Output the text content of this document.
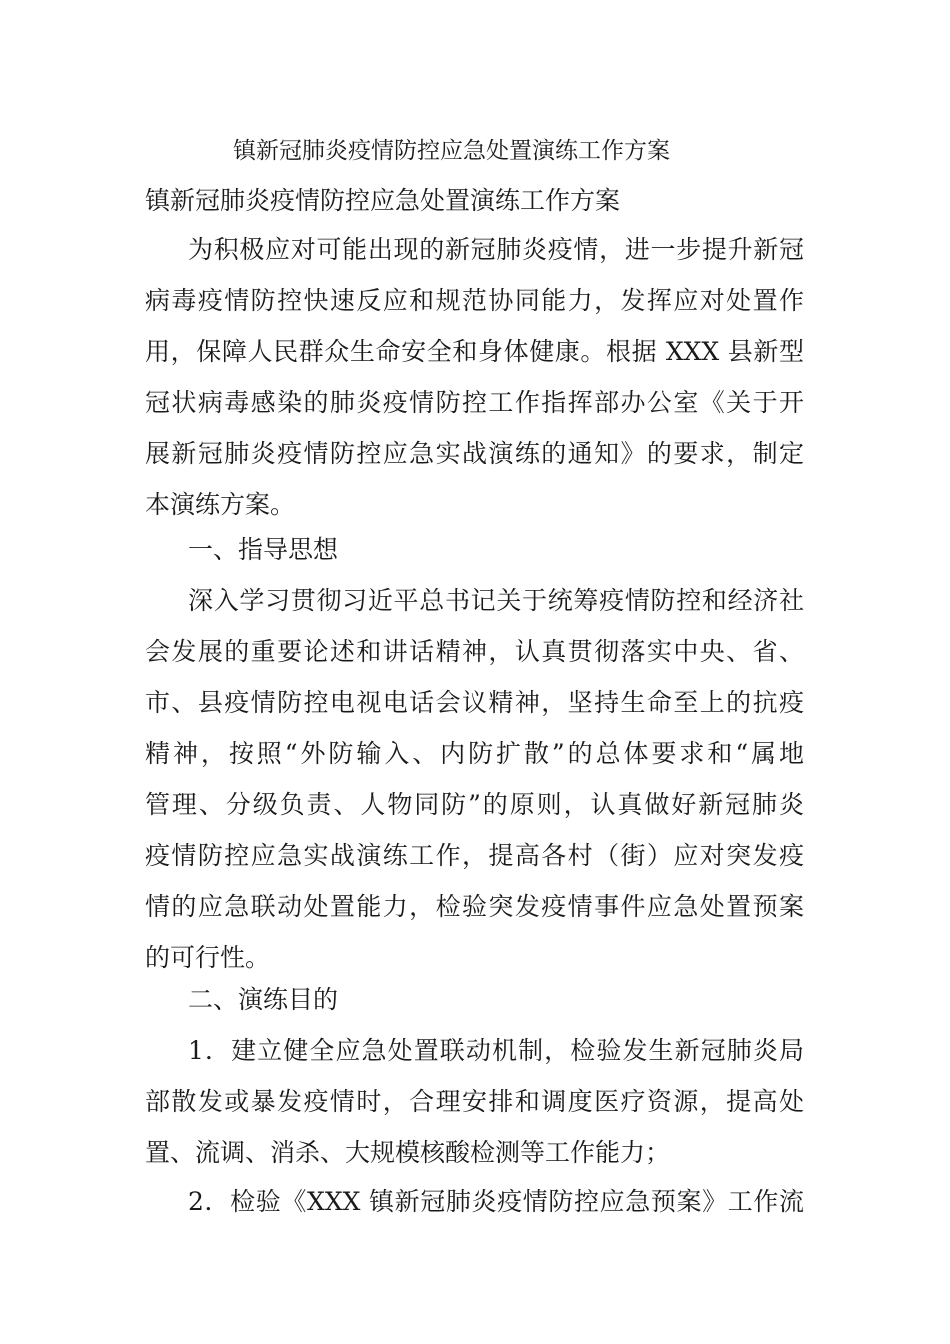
镇新冠肺炎疫情防控应急处置演练工作方案

镇新冠肺炎疫情防控应急处置演练工作方案

为积极应对可能出现的新冠肺炎疫情，进一步提升新冠

病毒疫情防控快速反应和规范协同能力，发挥应对处置作

用，保障人民群众生命安全和身体健康。根据 XXX 县新型

冠状病毒感染的肺炎疫情防控工作指挥部办公室《关于开

展新冠肺炎疫情防控应急实战演练的通知》的要求，制定

本演练方案。

一、指导思想

深入学习贯彻习近平总书记关于统筹疫情防控和经济社

会发展的重要论述和讲话精神，认真贯彻落实中央、省、

市、县疫情防控电视电话会议精神，坚持生命至上的抗疫

精神，按照“外防输入、内防扩散”的总体要求和“属地

管理、分级负责、人物同防”的原则，认真做好新冠肺炎

疫情防控应急实战演练工作，提高各村（街）应对突发疫

情的应急联动处置能力，检验突发疫情事件应急处置预案

的可行性。

二、演练目的

1．建立健全应急处置联动机制，检验发生新冠肺炎局

部散发或暴发疫情时，合理安排和调度医疗资源，提高处

置、流调、消杀、大规模核酸检测等工作能力；

2．检验《XXX 镇新冠肺炎疫情防控应急预案》工作流
